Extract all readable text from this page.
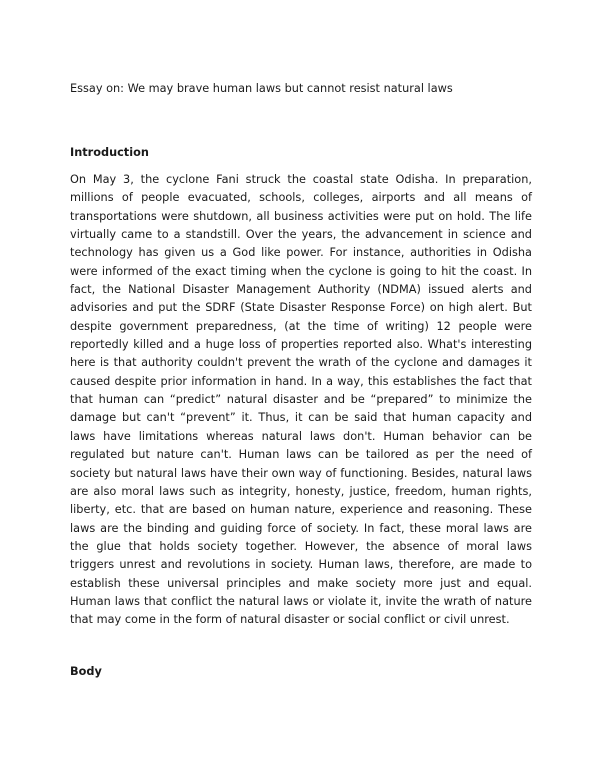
Essay on: We may brave human laws but cannot resist natural laws
Introduction

On May 3, the cyclone Fani struck the coastal state Odisha. In preparation, millions of people evacuated, schools, colleges, airports and all means of transportations were shutdown, all business activities were put on hold. The life virtually came to a standstill. Over the years, the advancement in science and technology has given us a God like power. For instance, authorities in Odisha were informed of the exact timing when the cyclone is going to hit the coast. In fact, the National Disaster Management Authority (NDMA) issued alerts and advisories and put the SDRF (State Disaster Response Force) on high alert. But despite government preparedness, (at the time of writing) 12 people were reportedly killed and a huge loss of properties reported also. What's interesting here is that authority couldn't prevent the wrath of the cyclone and damages it caused despite prior information in hand. In a way, this establishes the fact that that human can “predict” natural disaster and be “prepared” to minimize the damage but can't “prevent” it. Thus, it can be said that human capacity and laws have limitations whereas natural laws don't. Human behavior can be regulated but nature can't. Human laws can be tailored as per the need of society but natural laws have their own way of functioning. Besides, natural laws are also moral laws such as integrity, honesty, justice, freedom, human rights, liberty, etc. that are based on human nature, experience and reasoning. These laws are the binding and guiding force of society. In fact, these moral laws are the glue that holds society together. However, the absence of moral laws triggers unrest and revolutions in society. Human laws, therefore, are made to establish these universal principles and make society more just and equal. Human laws that conflict the natural laws or violate it, invite the wrath of nature that may come in the form of natural disaster or social conflict or civil unrest.

Body
